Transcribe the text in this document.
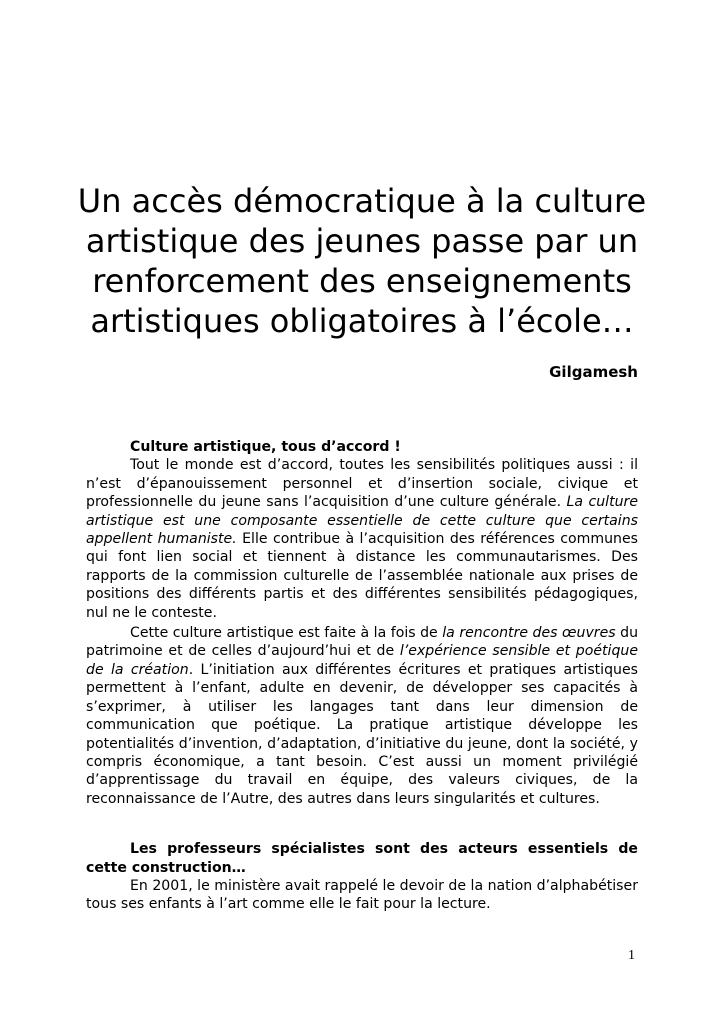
Un accès démocratique à la culture
artistique des jeunes passe par un
renforcement des enseignements
artistiques obligatoires à l’école…
Gilgamesh

Culture artistique, tous d’accord !

Tout le monde est d’accord, toutes les sensibilités politiques aussi : il n’est d’épanouissement personnel et d’insertion sociale, civique et professionnelle du jeune sans l’acquisition d’une culture générale. La culture artistique est une composante essentielle de cette culture que certains appellent humaniste. Elle contribue à l’acquisition des références communes qui font lien social et tiennent à distance les communautarismes. Des rapports de la commission culturelle de l’assemblée nationale aux prises de positions des différents partis et des différentes sensibilités pédagogiques, nul ne le conteste.

Cette culture artistique est faite à la fois de la rencontre des œuvres du patrimoine et de celles d’aujourd’hui et de l’expérience sensible et poétique de la création. L’initiation aux différentes écritures et pratiques artistiques permettent à l’enfant, adulte en devenir, de développer ses capacités à s’exprimer, à utiliser les langages tant dans leur dimension de communication que poétique. La pratique artistique développe les potentialités d’invention, d’adaptation, d’initiative du jeune, dont la société, y compris économique, a tant besoin. C’est aussi un moment privilégié d’apprentissage du travail en équipe, des valeurs civiques, de la reconnaissance de l’Autre, des autres dans leurs singularités et cultures.

Les professeurs spécialistes sont des acteurs essentiels de cette construction…

En 2001, le ministère avait rappelé le devoir de la nation d’alphabétiser tous ses enfants à l’art comme elle le fait pour la lecture.

1
